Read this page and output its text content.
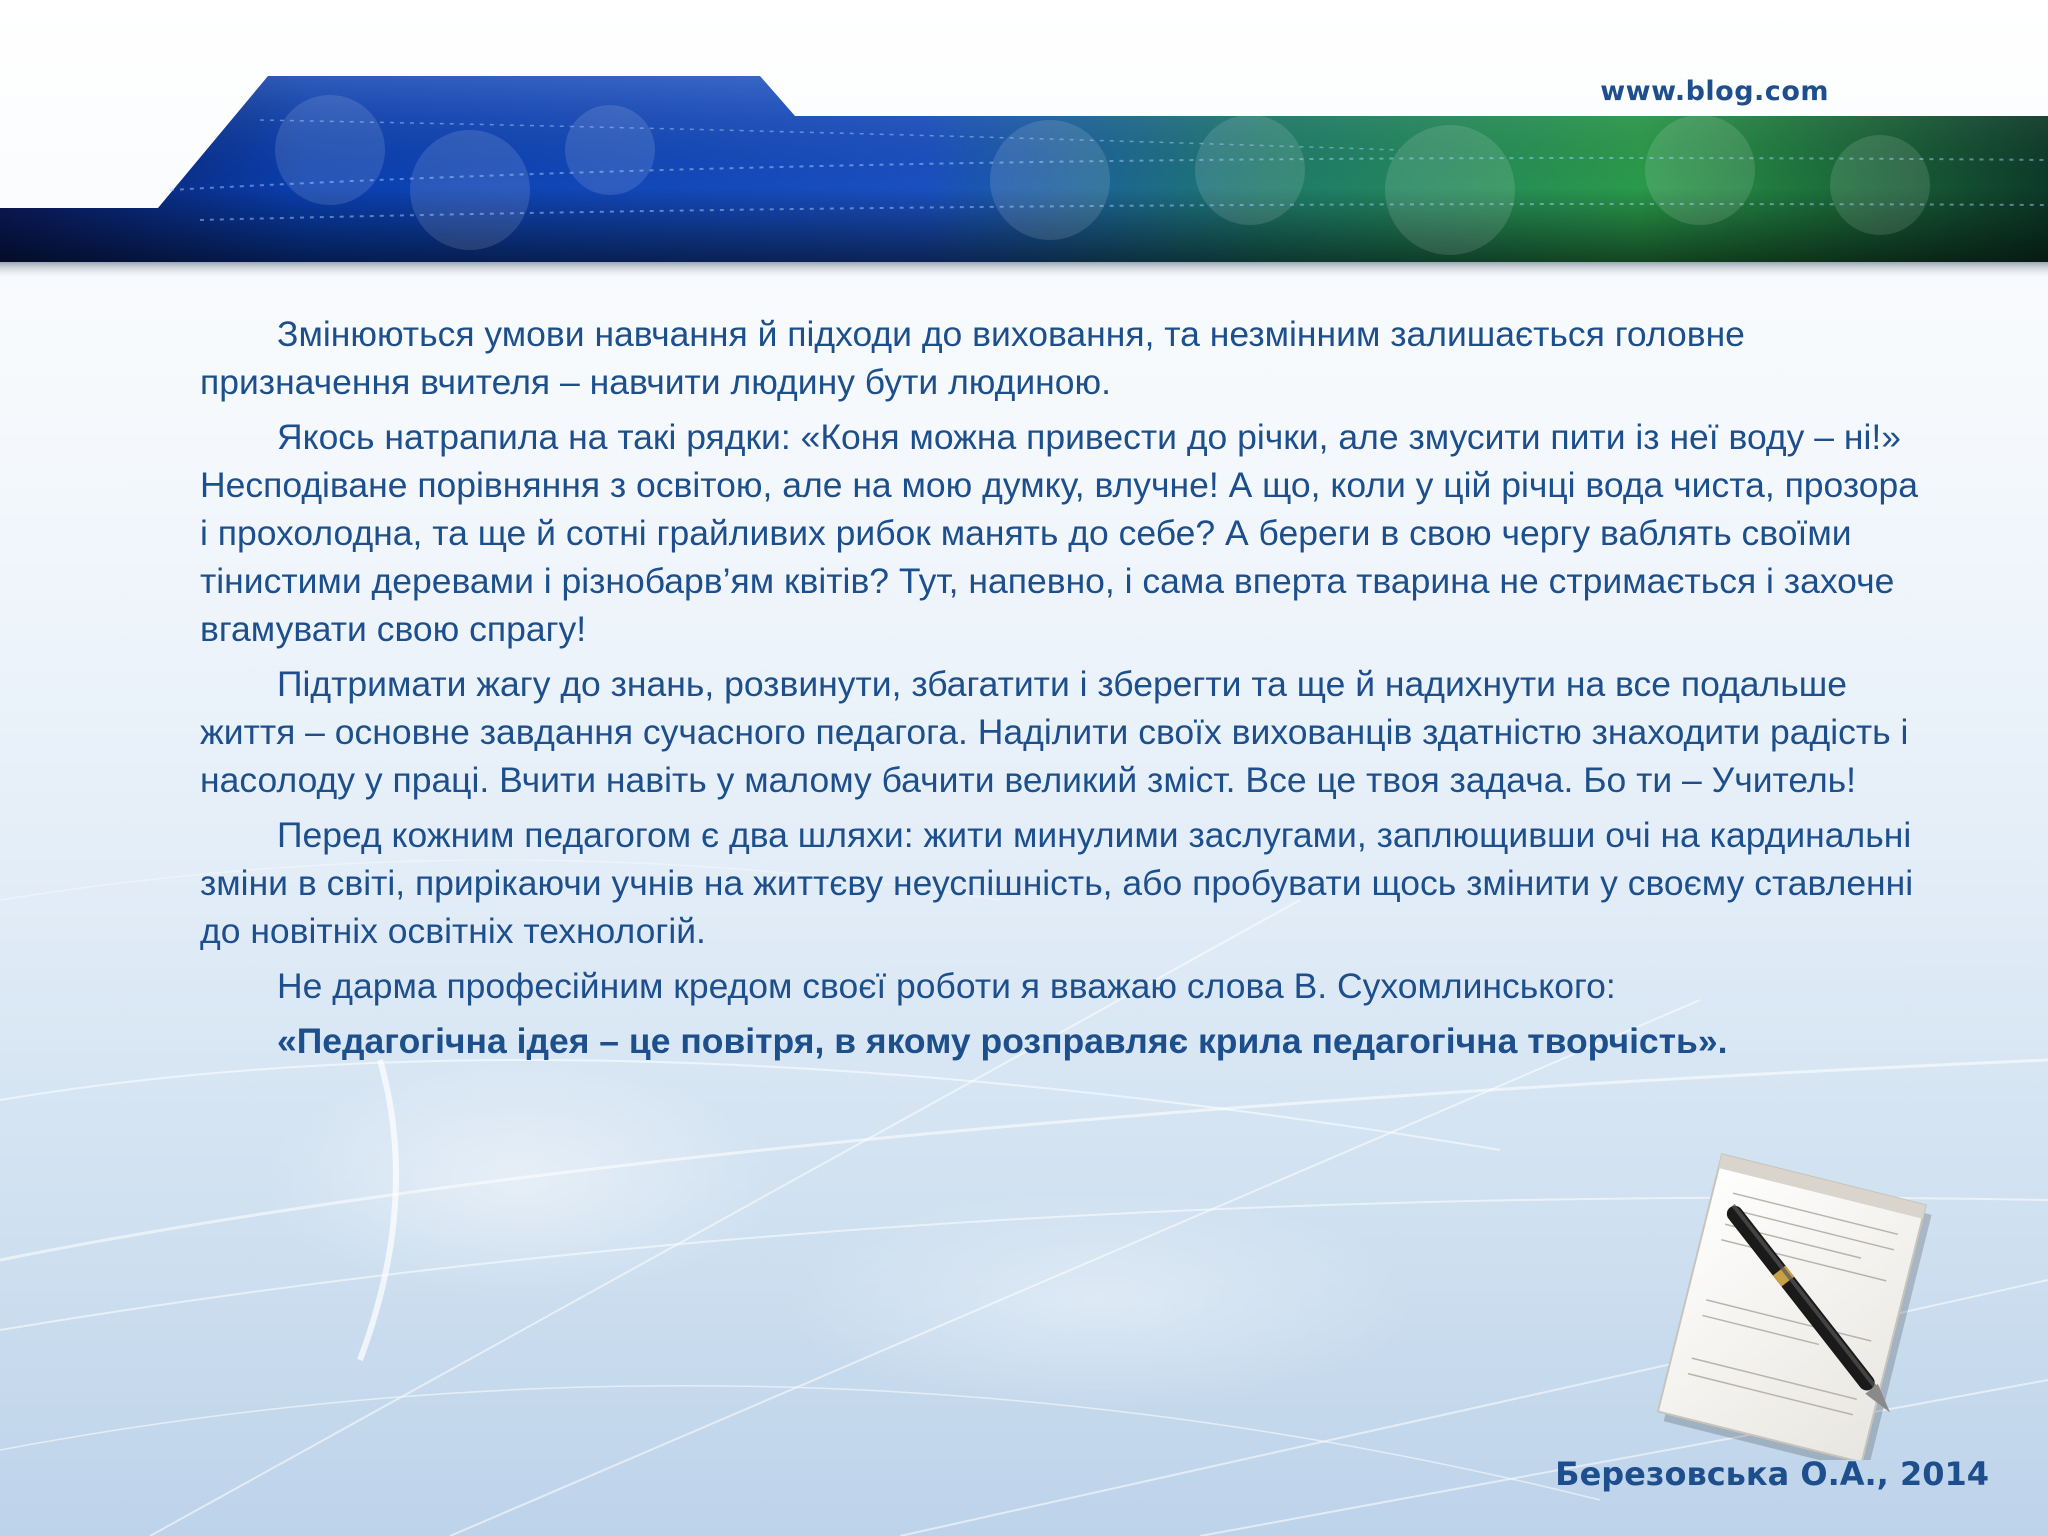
www.blog.com

Змінюються умови навчання й підходи до виховання, та незмінним залишається головне призначення вчителя – навчити людину бути людиною.

Якось натрапила на такі рядки: «Коня можна привести до річки, але змусити пити із неї воду – ні!» Несподіване порівняння з освітою, але на мою думку, влучне! А що, коли у цій річці вода чиста, прозора і прохолодна, та ще й сотні грайливих рибок манять до себе? А береги в свою чергу ваблять своїми тінистими деревами і різнобарв’ям квітів? Тут, напевно, і сама вперта тварина не стримається і захоче вгамувати свою спрагу!

Підтримати жагу до знань, розвинути, збагатити і зберегти та ще й надихнути на все подальше життя – основне завдання сучасного педагога. Наділити своїх вихованців здатністю знаходити радість і насолоду у праці. Вчити навіть у малому бачити великий зміст. Все це твоя задача. Бо ти – Учитель!

Перед кожним педагогом є два шляхи: жити минулими заслугами, заплющивши очі на кардинальні зміни в світі, прирікаючи учнів на життєву неуспішність, або пробувати щось змінити у своєму ставленні до новітніх освітніх технологій.

Не дарма професійним кредом своєї роботи я вважаю слова В. Сухомлинського:

«Педагогічна ідея – це повітря, в якому розправляє крила педагогічна творчість».

Березовська О.А., 2014
